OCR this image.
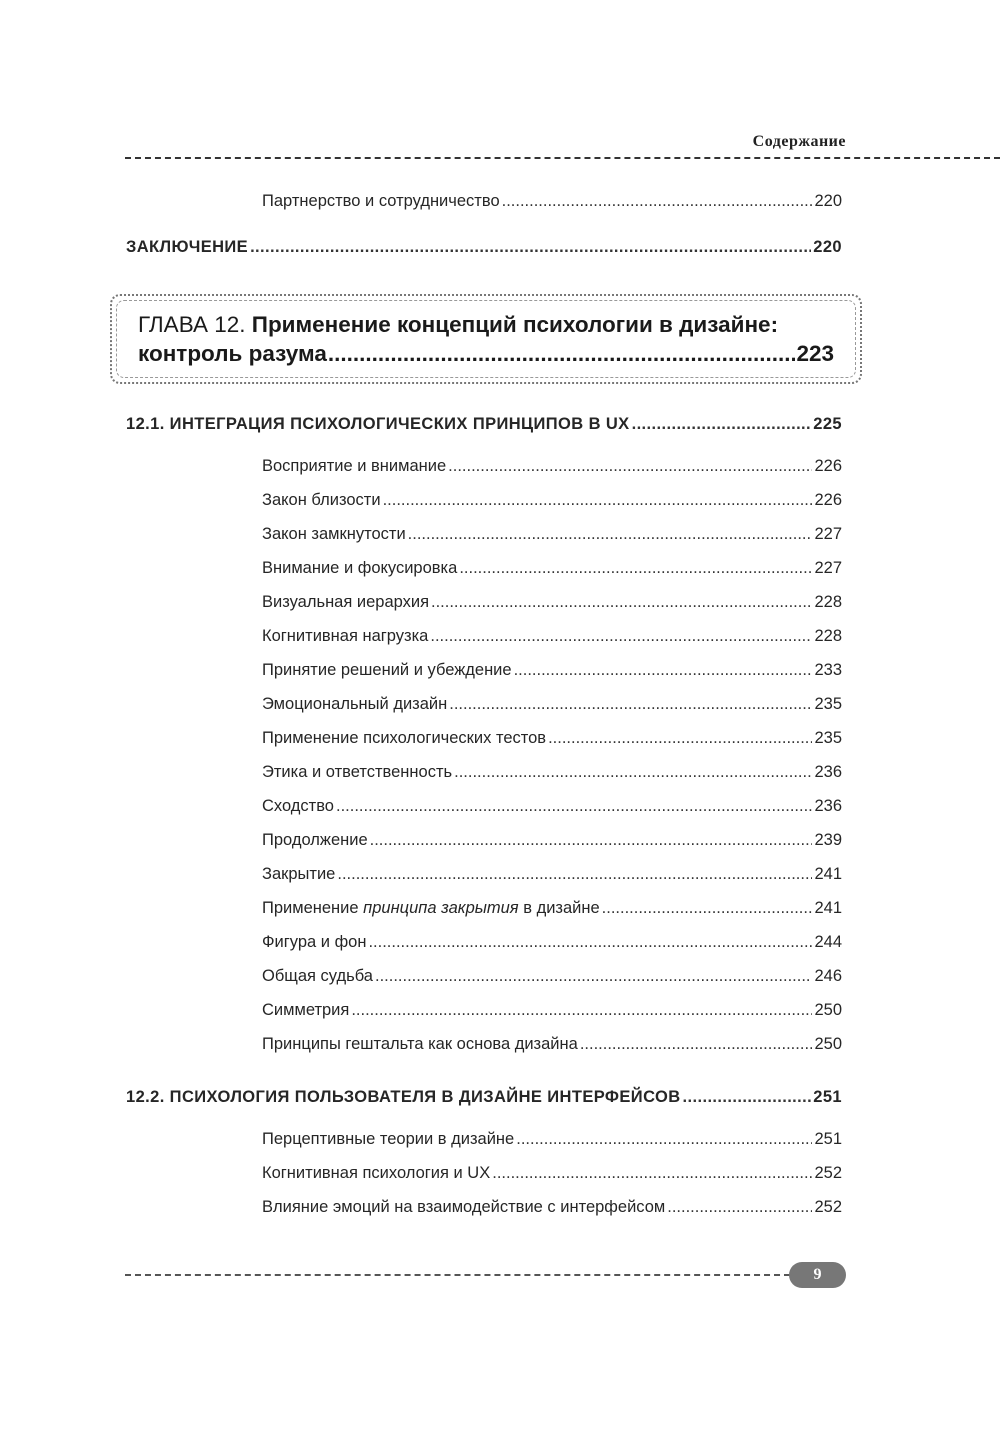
Содержание
Партнерство и сотрудничество .....	220
ЗАКЛЮЧЕНИЕ .....	220
ГЛАВА 12. Применение концепций психологии в дизайне:
контроль разума .....	223
12.1. ИНТЕГРАЦИЯ ПСИХОЛОГИЧЕСКИХ ПРИНЦИПОВ В UX .....	225
Восприятие и внимание .....	226
Закон близости .....	226
Закон замкнутости .....	227
Внимание и фокусировка .....	227
Визуальная иерархия .....	228
Когнитивная нагрузка .....	228
Принятие решений и убеждение .....	233
Эмоциональный дизайн .....	235
Применение психологических тестов .....	235
Этика и ответственность .....	236
Сходство .....	236
Продолжение .....	239
Закрытие .....	241
Применение принципа закрытия в дизайне .....	241
Фигура и фон .....	244
Общая судьба .....	246
Симметрия .....	250
Принципы гештальта как основа дизайна .....	250
12.2. ПСИХОЛОГИЯ ПОЛЬЗОВАТЕЛЯ В ДИЗАЙНЕ ИНТЕРФЕЙСОВ .....	251
Перцептивные теории в дизайне .....	251
Когнитивная психология и UX .....	252
Влияние эмоций на взаимодействие с интерфейсом .....	252
9
